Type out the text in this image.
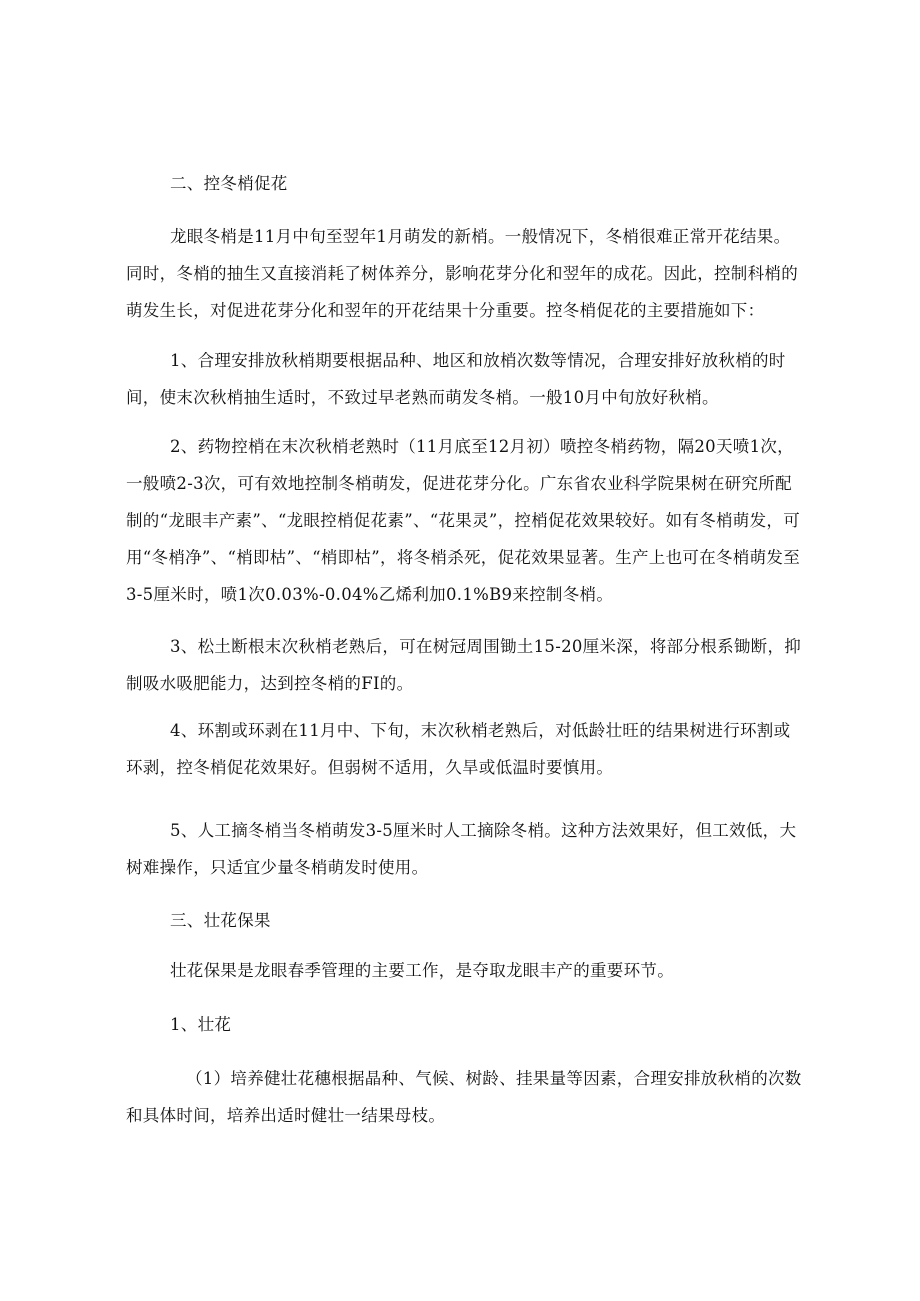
二、控冬梢促花
龙眼冬梢是11月中旬至翌年1月萌发的新梢。一般情况下，冬梢很难正常开花结果。同时，冬梢的抽生又直接消耗了树体养分，影响花芽分化和翌年的成花。因此，控制科梢的萌发生长，对促进花芽分化和翌年的开花结果十分重要。控冬梢促花的主要措施如下：
1、合理安排放秋梢期要根据品种、地区和放梢次数等情况，合理安排好放秋梢的时间，使末次秋梢抽生适时，不致过早老熟而萌发冬梢。一般10月中旬放好秋梢。
2、药物控梢在末次秋梢老熟时（11月底至12月初）喷控冬梢药物，隔20天喷1次，一般喷2-3次，可有效地控制冬梢萌发，促进花芽分化。广东省农业科学院果树在研究所配制的“龙眼丰产素”、“龙眼控梢促花素”、“花果灵”，控梢促花效果较好。如有冬梢萌发，可用“冬梢净”、“梢即枯”、“梢即枯”，将冬梢杀死，促花效果显著。生产上也可在冬梢萌发至3-5厘米时，喷1次0.03%-0.04%乙烯利加0.1%B9来控制冬梢。
3、松土断根末次秋梢老熟后，可在树冠周围锄土15-20厘米深，将部分根系锄断，抑制吸水吸肥能力，达到控冬梢的FI的。
4、环割或环剥在11月中、下旬，末次秋梢老熟后，对低龄壮旺的结果树进行环割或环剥，控冬梢促花效果好。但弱树不适用，久旱或低温时要慎用。
5、人工摘冬梢当冬梢萌发3-5厘米时人工摘除冬梢。这种方法效果好，但工效低，大树难操作，只适宜少量冬梢萌发时使用。
三、壮花保果
壮花保果是龙眼春季管理的主要工作，是夺取龙眼丰产的重要环节。
1、壮花
（1）培养健壮花穗根据晶种、气候、树龄、挂果量等因素，合理安排放秋梢的次数和具体时间，培养出适时健壮一结果母枝。
